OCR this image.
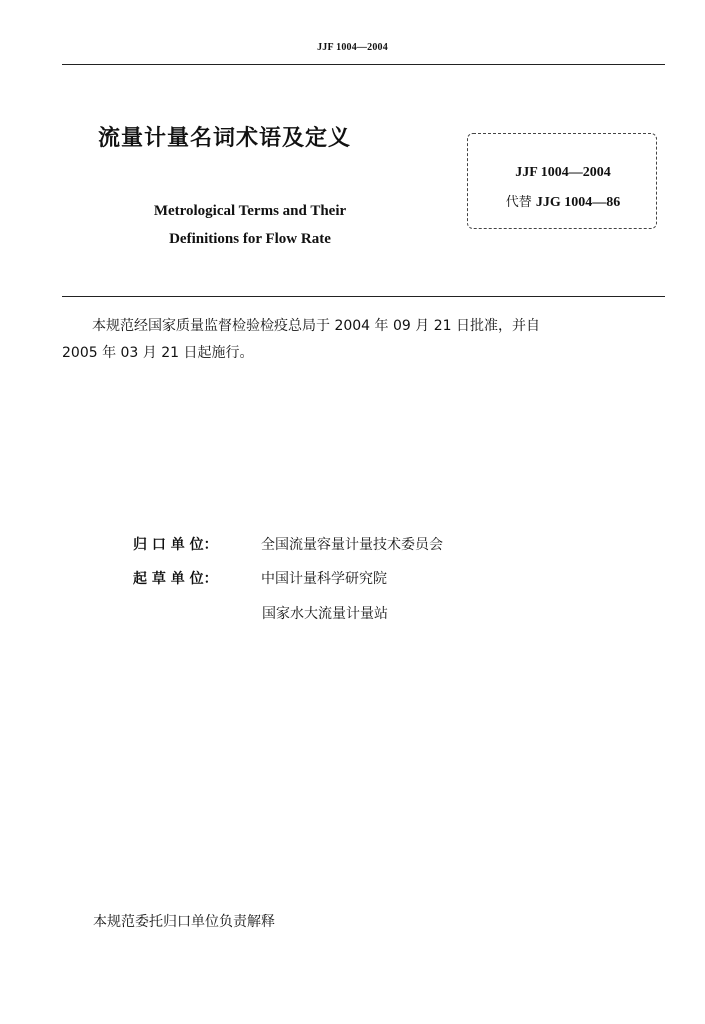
JJF 1004—2004
流量计量名词术语及定义
Metrological Terms and Their
Definitions for Flow Rate
JJF 1004—2004
代替 JJG 1004—86
本规范经国家质量监督检验检疫总局于 2004 年 09 月 21 日批准，并自
2005 年 03 月 21 日起施行。
归 口 单 位：	全国流量容量计量技术委员会
起 草 单 位：	中国计量科学研究院
国家水大流量计量站
本规范委托归口单位负责解释
